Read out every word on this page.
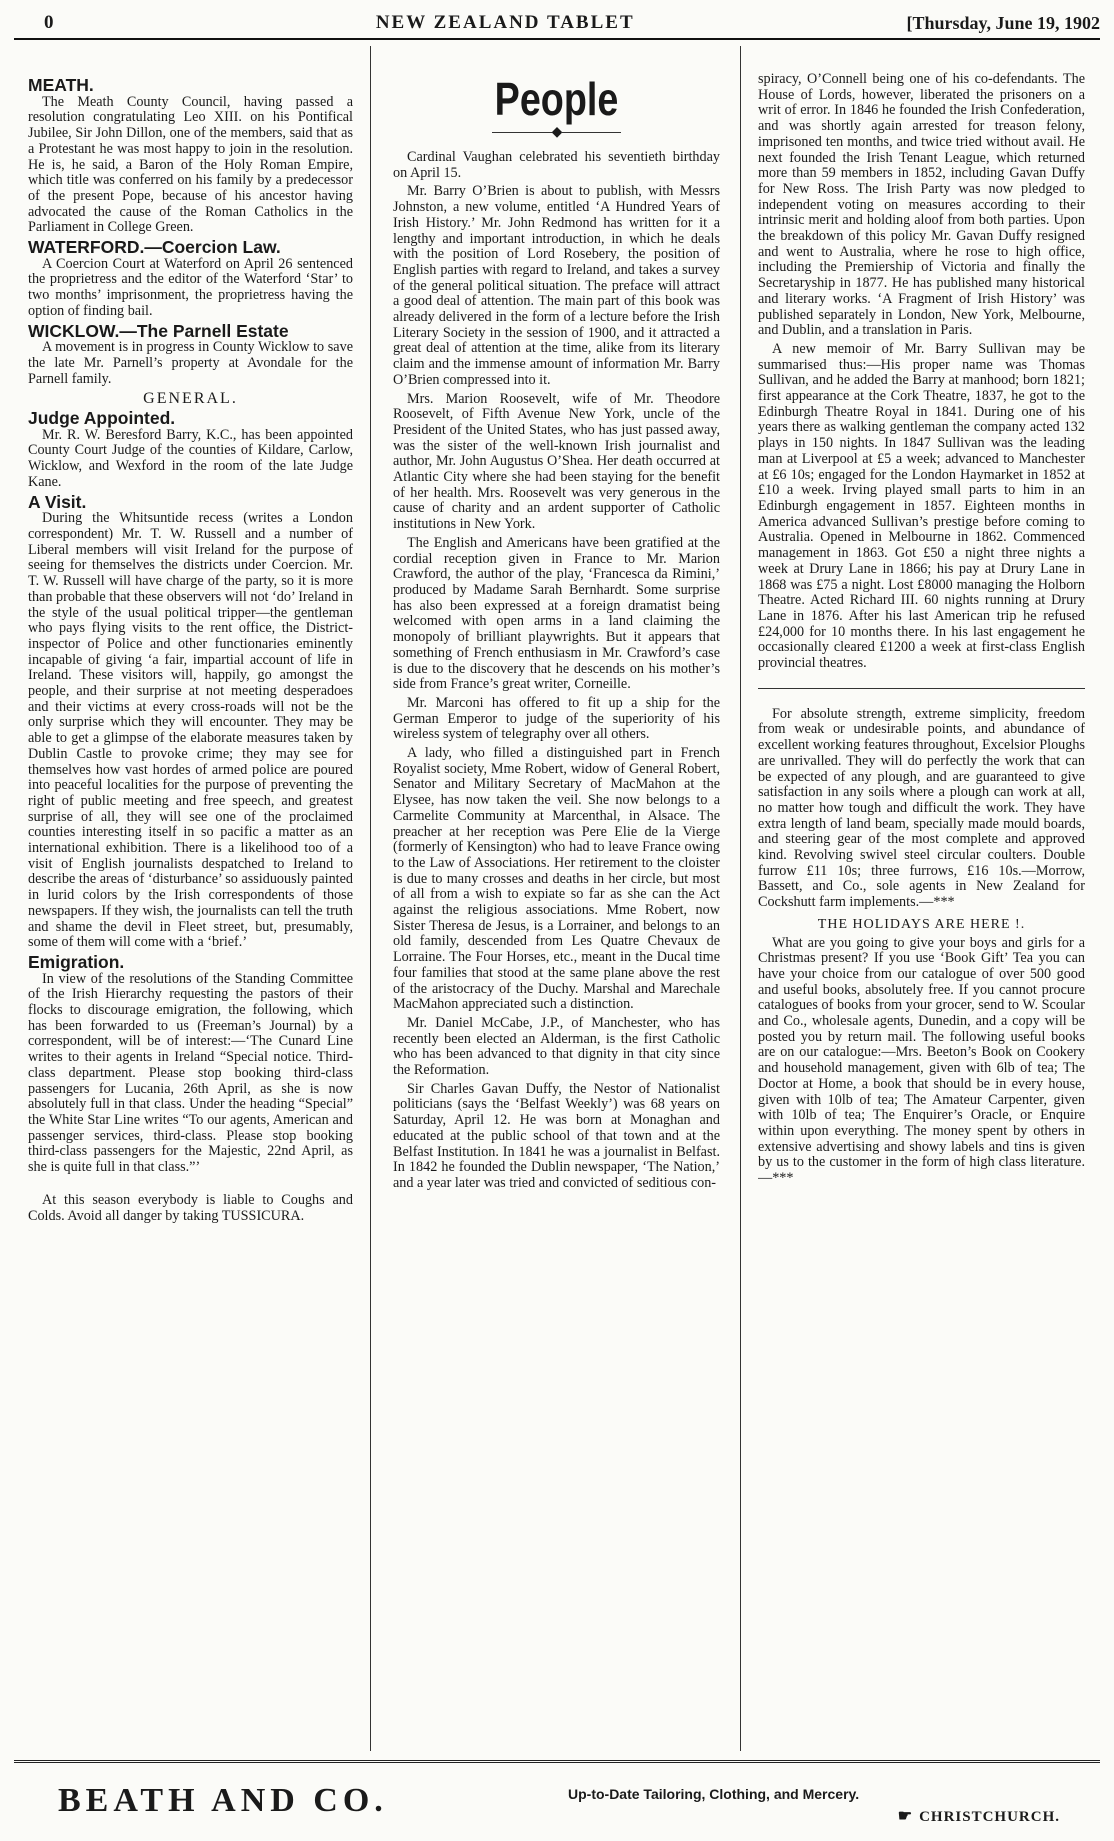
0	NEW ZEALAND TABLET	[Thursday, June 19, 1902
MEATH.

The Meath County Council, having passed a resolution congratulating Leo XIII. on his Pontifical Jubilee, Sir John Dillon, one of the members, said that as a Protestant he was most happy to join in the resolution. He is, he said, a Baron of the Holy Roman Empire, which title was conferred on his family by a predecessor of the present Pope, because of his ancestor having advocated the cause of the Roman Catholics in the Parliament in College Green.

WATERFORD.—Coercion Law.

A Coercion Court at Waterford on April 26 sentenced the proprietress and the editor of the Waterford ‘Star’ to two months’ imprisonment, the proprietress having the option of finding bail.

WICKLOW.—The Parnell Estate

A movement is in progress in County Wicklow to save the late Mr. Parnell’s property at Avondale for the Parnell family.

GENERAL.
Judge Appointed.

Mr. R. W. Beresford Barry, K.C., has been appointed County Court Judge of the counties of Kildare, Carlow, Wicklow, and Wexford in the room of the late Judge Kane.

A Visit.

During the Whitsuntide recess (writes a London correspondent) Mr. T. W. Russell and a number of Liberal members will visit Ireland for the purpose of seeing for themselves the districts under Coercion. Mr. T. W. Russell will have charge of the party, so it is more than probable that these observers will not ‘do’ Ireland in the style of the usual political tripper—the gentleman who pays flying visits to the rent office, the District-inspector of Police and other functionaries eminently incapable of giving ‘a fair, impartial account of life in Ireland. These visitors will, happily, go amongst the people, and their surprise at not meeting desperadoes and their victims at every cross-roads will not be the only surprise which they will encounter. They may be able to get a glimpse of the elaborate measures taken by Dublin Castle to provoke crime; they may see for themselves how vast hordes of armed police are poured into peaceful localities for the purpose of preventing the right of public meeting and free speech, and greatest surprise of all, they will see one of the proclaimed counties interesting itself in so pacific a matter as an international exhibition. There is a likelihood too of a visit of English journalists despatched to Ireland to describe the areas of ‘disturbance’ so assiduously painted in lurid colors by the Irish correspondents of those newspapers. If they wish, the journalists can tell the truth and shame the devil in Fleet street, but, presumably, some of them will come with a ‘brief.’

Emigration.

In view of the resolutions of the Standing Committee of the Irish Hierarchy requesting the pastors of their flocks to discourage emigration, the following, which has been forwarded to us (Freeman’s Journal) by a correspondent, will be of interest:—‘The Cunard Line writes to their agents in Ireland “Special notice. Third-class department. Please stop booking third-class passengers for Lucania, 26th April, as she is now absolutely full in that class. Under the heading “Special” the White Star Line writes “To our agents, American and passenger services, third-class. Please stop booking third-class passengers for the Majestic, 22nd April, as she is quite full in that class.”’

At this season everybody is liable to Coughs and Colds. Avoid all danger by taking TUSSICURA.

People
◆

Cardinal Vaughan celebrated his seventieth birthday on April 15.

Mr. Barry O’Brien is about to publish, with Messrs Johnston, a new volume, entitled ‘A Hundred Years of Irish History.’ Mr. John Redmond has written for it a lengthy and important introduction, in which he deals with the position of Lord Rosebery, the position of English parties with regard to Ireland, and takes a survey of the general political situation. The preface will attract a good deal of attention. The main part of this book was already delivered in the form of a lecture before the Irish Literary Society in the session of 1900, and it attracted a great deal of attention at the time, alike from its literary claim and the immense amount of information Mr. Barry O’Brien compressed into it.

Mrs. Marion Roosevelt, wife of Mr. Theodore Roosevelt, of Fifth Avenue New York, uncle of the President of the United States, who has just passed away, was the sister of the well-known Irish journalist and author, Mr. John Augustus O’Shea. Her death occurred at Atlantic City where she had been staying for the benefit of her health. Mrs. Roosevelt was very generous in the cause of charity and an ardent supporter of Catholic institutions in New York.

The English and Americans have been gratified at the cordial reception given in France to Mr. Marion Crawford, the author of the play, ‘Francesca da Rimini,’ produced by Madame Sarah Bernhardt. Some surprise has also been expressed at a foreign dramatist being welcomed with open arms in a land claiming the monopoly of brilliant playwrights. But it appears that something of French enthusiasm in Mr. Crawford’s case is due to the discovery that he descends on his mother’s side from France’s great writer, Corneille.

Mr. Marconi has offered to fit up a ship for the German Emperor to judge of the superiority of his wireless system of telegraphy over all others.

A lady, who filled a distinguished part in French Royalist society, Mme Robert, widow of General Robert, Senator and Military Secretary of MacMahon at the Elysee, has now taken the veil. She now belongs to a Carmelite Community at Marcenthal, in Alsace. The preacher at her reception was Pere Elie de la Vierge (formerly of Kensington) who had to leave France owing to the Law of Associations. Her retirement to the cloister is due to many crosses and deaths in her circle, but most of all from a wish to expiate so far as she can the Act against the religious associations. Mme Robert, now Sister Theresa de Jesus, is a Lorrainer, and belongs to an old family, descended from Les Quatre Chevaux de Lorraine. The Four Horses, etc., meant in the Ducal time four families that stood at the same plane above the rest of the aristocracy of the Duchy. Marshal and Marechale MacMahon appreciated such a distinction.

Mr. Daniel McCabe, J.P., of Manchester, who has recently been elected an Alderman, is the first Catholic who has been advanced to that dignity in that city since the Reformation.

Sir Charles Gavan Duffy, the Nestor of Nationalist politicians (says the ‘Belfast Weekly’) was 68 years on Saturday, April 12. He was born at Monaghan and educated at the public school of that town and at the Belfast Institution. In 1841 he was a journalist in Belfast. In 1842 he founded the Dublin newspaper, ‘The Nation,’ and a year later was tried and convicted of seditious con-

spiracy, O’Connell being one of his co-defendants. The House of Lords, however, liberated the prisoners on a writ of error. In 1846 he founded the Irish Confederation, and was shortly again arrested for treason felony, imprisoned ten months, and twice tried without avail. He next founded the Irish Tenant League, which returned more than 59 members in 1852, including Gavan Duffy for New Ross. The Irish Party was now pledged to independent voting on measures according to their intrinsic merit and holding aloof from both parties. Upon the breakdown of this policy Mr. Gavan Duffy resigned and went to Australia, where he rose to high office, including the Premiership of Victoria and finally the Secretaryship in 1877. He has published many historical and literary works. ‘A Fragment of Irish History’ was published separately in London, New York, Melbourne, and Dublin, and a translation in Paris.

A new memoir of Mr. Barry Sullivan may be summarised thus:—His proper name was Thomas Sullivan, and he added the Barry at manhood; born 1821; first appearance at the Cork Theatre, 1837, he got to the Edinburgh Theatre Royal in 1841. During one of his years there as walking gentleman the company acted 132 plays in 150 nights. In 1847 Sullivan was the leading man at Liverpool at £5 a week; advanced to Manchester at £6 10s; engaged for the London Haymarket in 1852 at £10 a week. Irving played small parts to him in an Edinburgh engagement in 1857. Eighteen months in America advanced Sullivan’s prestige before coming to Australia. Opened in Melbourne in 1862. Commenced management in 1863. Got £50 a night three nights a week at Drury Lane in 1866; his pay at Drury Lane in 1868 was £75 a night. Lost £8000 managing the Holborn Theatre. Acted Richard III. 60 nights running at Drury Lane in 1876. After his last American trip he refused £24,000 for 10 months there. In his last engagement he occasionally cleared £1200 a week at first-class English provincial theatres.

For absolute strength, extreme simplicity, freedom from weak or undesirable points, and abundance of excellent working features throughout, Excelsior Ploughs are unrivalled. They will do perfectly the work that can be expected of any plough, and are guaranteed to give satisfaction in any soils where a plough can work at all, no matter how tough and difficult the work. They have extra length of land beam, specially made mould boards, and steering gear of the most complete and approved kind. Revolving swivel steel circular coulters. Double furrow £11 10s; three furrows, £16 10s.—Morrow, Bassett, and Co., sole agents in New Zealand for Cockshutt farm implements.—***

THE HOLIDAYS ARE HERE !.

What are you going to give your boys and girls for a Christmas present? If you use ‘Book Gift’ Tea you can have your choice from our catalogue of over 500 good and useful books, absolutely free. If you cannot procure catalogues of books from your grocer, send to W. Scoular and Co., wholesale agents, Dunedin, and a copy will be posted you by return mail. The following useful books are on our catalogue:—Mrs. Beeton’s Book on Cookery and household management, given with 6lb of tea; The Doctor at Home, a book that should be in every house, given with 10lb of tea; The Amateur Carpenter, given with 10lb of tea; The Enquirer’s Oracle, or Enquire within upon everything. The money spent by others in extensive advertising and showy labels and tins is given by us to the customer in the form of high class literature.—***

BEATH AND CO.	Up-to-Date Tailoring, Clothing, and Mercery.
☛ CHRISTCHURCH.
